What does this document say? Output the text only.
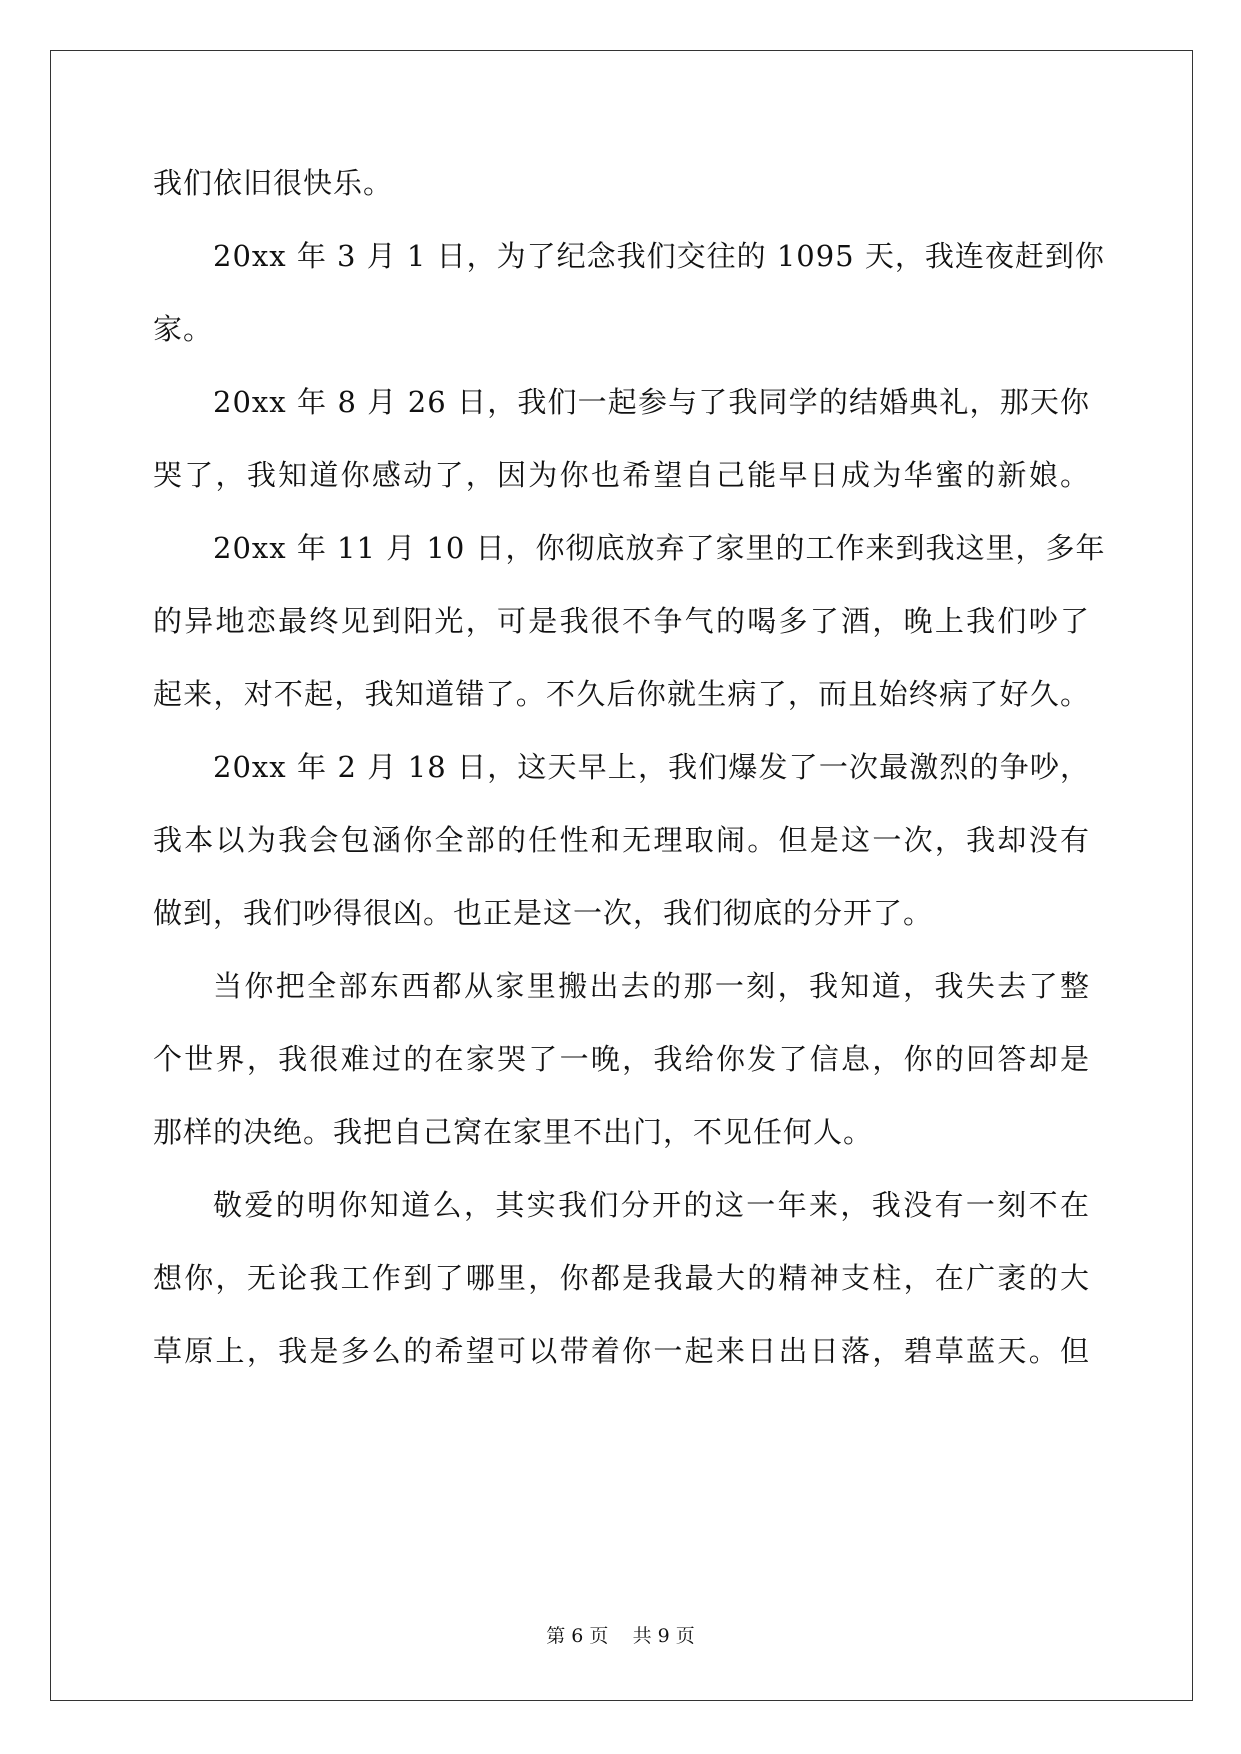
我们依旧很快乐。
20xx 年 3 月 1 日，为了纪念我们交往的 1095 天，我连夜赶到你
家。
20xx 年 8 月 26 日，我们一起参与了我同学的结婚典礼，那天你
哭了，我知道你感动了，因为你也希望自己能早日成为华蜜的新娘。
20xx 年 11 月 10 日，你彻底放弃了家里的工作来到我这里，多年
的异地恋最终见到阳光，可是我很不争气的喝多了酒，晚上我们吵了
起来，对不起，我知道错了。不久后你就生病了，而且始终病了好久。
20xx 年 2 月 18 日，这天早上，我们爆发了一次最激烈的争吵，
我本以为我会包涵你全部的任性和无理取闹。但是这一次，我却没有
做到，我们吵得很凶。也正是这一次，我们彻底的分开了。
当你把全部东西都从家里搬出去的那一刻，我知道，我失去了整
个世界，我很难过的在家哭了一晚，我给你发了信息，你的回答却是
那样的决绝。我把自己窝在家里不出门，不见任何人。
敬爱的明你知道么，其实我们分开的这一年来，我没有一刻不在
想你，无论我工作到了哪里，你都是我最大的精神支柱，在广袤的大
草原上，我是多么的希望可以带着你一起来日出日落，碧草蓝天。但
第 6 页    共 9 页
